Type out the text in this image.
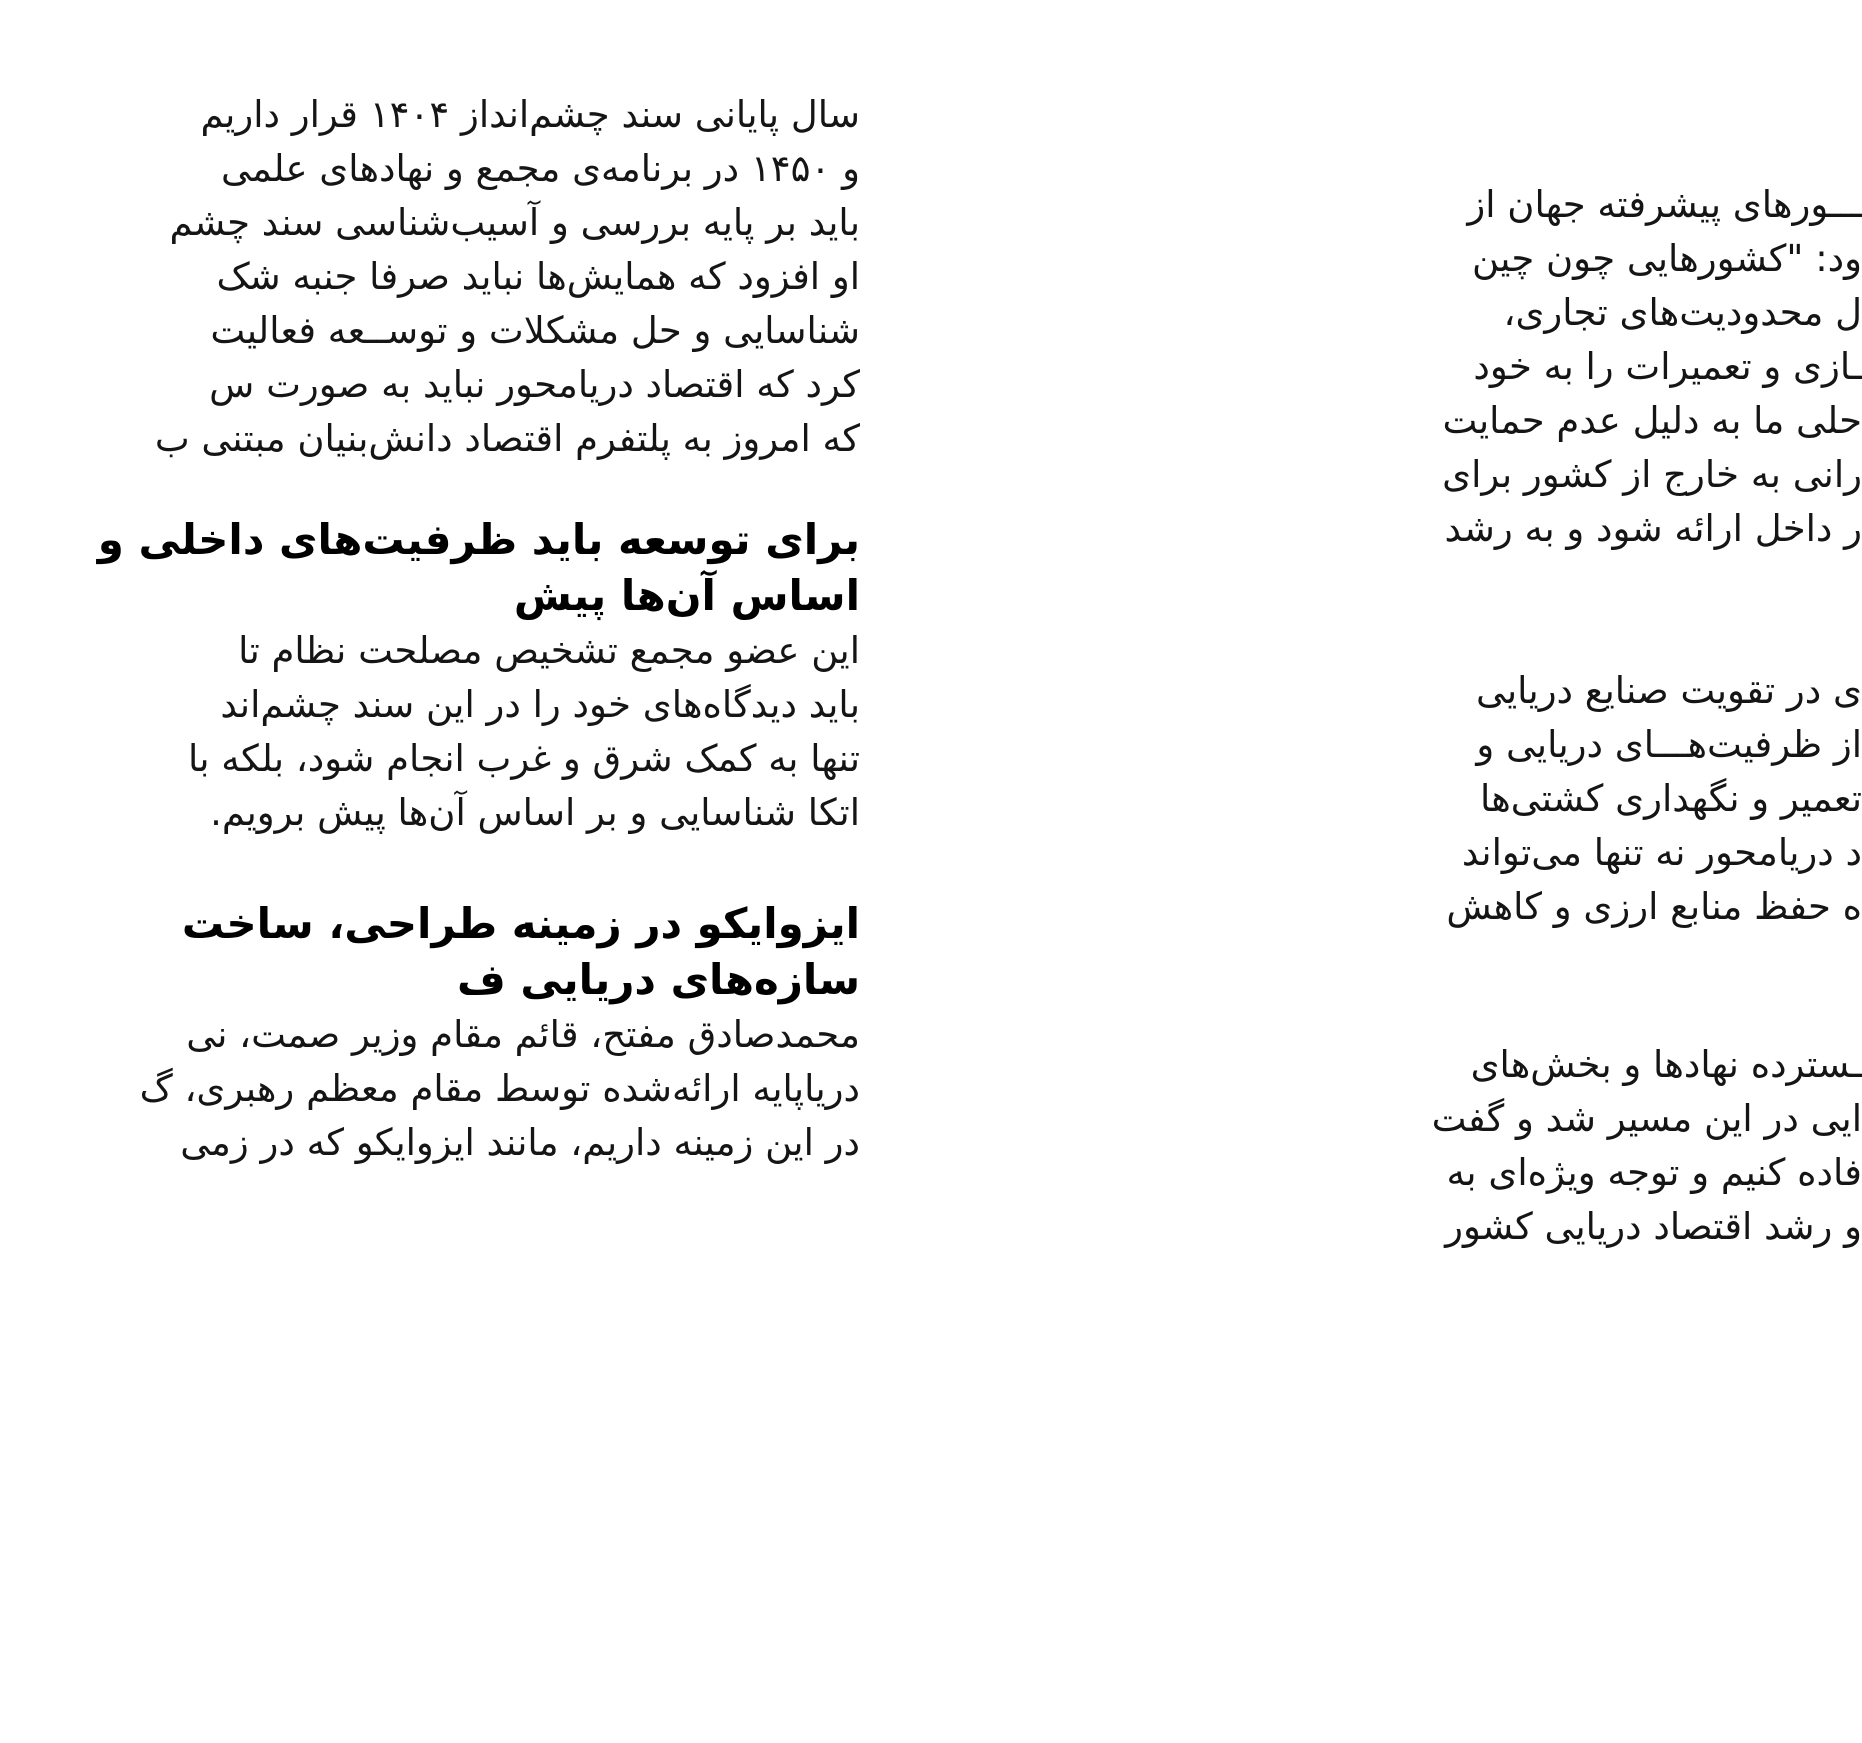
سال پایانی سند چشم‌انداز ۱۴۰۴ قرار داریم
و ۱۴۵۰ در برنامه‌ی مجمع و نهادهای علمی
باید بر پایه بررسی و آسیب‌شناسی سند چشم
او افزود که همایش‌ها نباید صرفا جنبه شک
شناسایی و حل مشکلات و توســعه فعالیت
کرد که اقتصاد دریامحور نباید به صورت س
که امروز به پلتفرم اقتصاد دانش‌بنیان مبتنی ب
برای توسعه باید ظرفیت‌های داخلی و
اساس آن‌ها پیش
این عضو مجمع تشخیص مصلحت نظام تا
باید دیدگاه‌های خود را در این سند چشم‌اند
تنها به کمک شرق و غرب انجام شود، بلکه با
اتکا شناسایی و بر اساس آن‌ها پیش برویم.
ایزوایکو در زمینه طراحی، ساخت
سازه‌های دریایی ف
محمدصادق مفتح، قائم مقام وزیر صمت، نی
دریاپایه ارائه‌شده توسط مقام معظم رهبری، گ
در این زمینه داریم، مانند ایزوایکو که در زمی
ـــورهای پیشرفته جهان از
ود: "کشورهایی چون چین
ل محدودیت‌های تجاری،
ـازی و تعمیرات را به خود
حلی ما به دلیل عدم حمایت
رانی به خارج از کشور برای
ر داخل ارائه شود و به رشد
ی در تقویت صنایع دریایی
از ظرفیت‌هـــای دریایی و
تعمیر و نگهداری کشتی‌ها
د دریامحور نه تنها می‌تواند
ه حفظ منابع ارزی و کاهش
ـسترده نهادها و بخش‌های
ایی در این مسیر شد و گفت
فاده کنیم و توجه ویژه‌ای به
و رشد اقتصاد دریایی کشور
